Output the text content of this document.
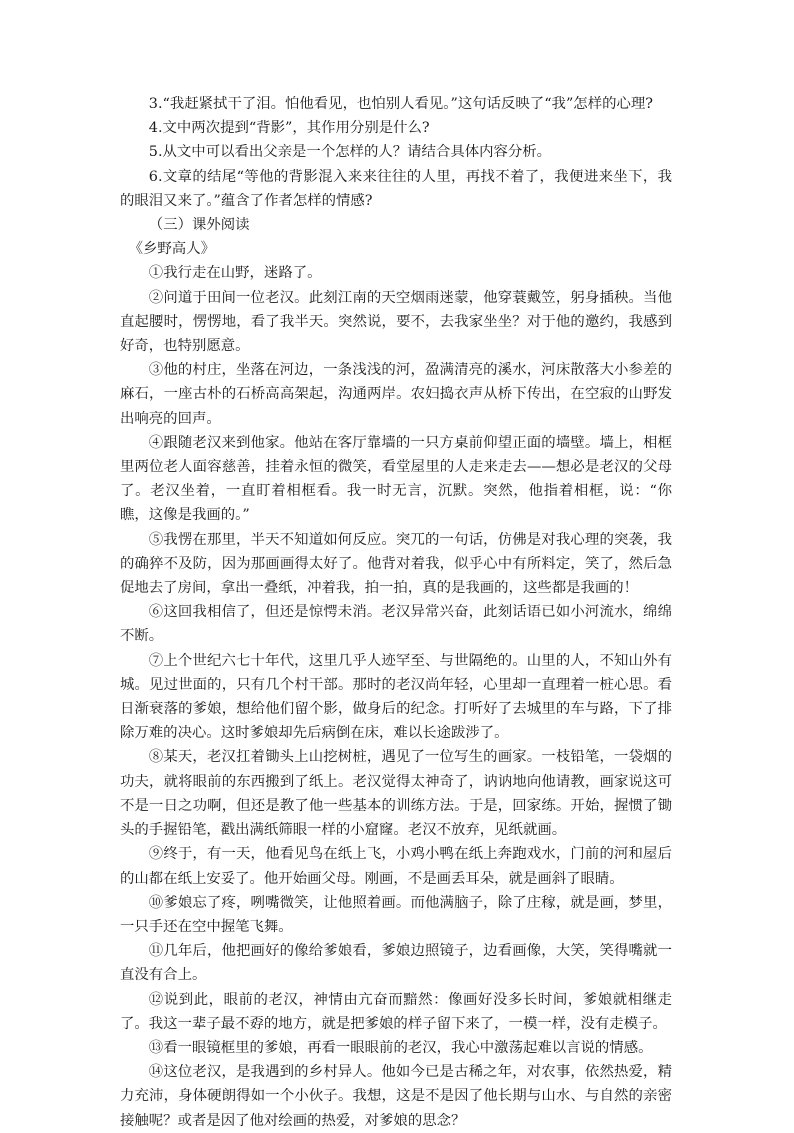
3.“我赶紧拭干了泪。怕他看见，也怕别人看见。”这句话反映了“我”怎样的心理?

4.文中两次提到“背影”，其作用分别是什么?

5.从文中可以看出父亲是一个怎样的人？请结合具体内容分析。

6.文章的结尾“等他的背影混入来来往往的人里，再找不着了，我便进来坐下，我的眼泪又来了。”蕴含了作者怎样的情感?

（三）课外阅读

《乡野高人》

①我行走在山野，迷路了。

②问道于田间一位老汉。此刻江南的天空烟雨迷蒙，他穿蓑戴笠，躬身插秧。当他直起腰时，愣愣地，看了我半天。突然说，要不，去我家坐坐？对于他的邀约，我感到好奇，也特别愿意。

③他的村庄，坐落在河边，一条浅浅的河，盈满清亮的溪水，河床散落大小参差的麻石，一座古朴的石桥高高架起，沟通两岸。农妇捣衣声从桥下传出，在空寂的山野发出响亮的回声。

④跟随老汉来到他家。他站在客厅靠墙的一只方桌前仰望正面的墙壁。墙上，相框里两位老人面容慈善，挂着永恒的微笑，看堂屋里的人走来走去——想必是老汉的父母了。老汉坐着，一直盯着相框看。我一时无言，沉默。突然，他指着相框，说：“你瞧，这像是我画的。”

⑤我愣在那里，半天不知道如何反应。突兀的一句话，仿佛是对我心理的突袭，我的确猝不及防，因为那画画得太好了。他背对着我，似乎心中有所料定，笑了，然后急促地去了房间，拿出一叠纸，冲着我，拍一拍，真的是我画的，这些都是我画的！

⑥这回我相信了，但还是惊愕未消。老汉异常兴奋，此刻话语已如小河流水，绵绵不断。

⑦上个世纪六七十年代，这里几乎人迹罕至、与世隔绝的。山里的人，不知山外有城。见过世面的，只有几个村干部。那时的老汉尚年轻，心里却一直理着一桩心思。看日渐衰落的爹娘，想给他们留个影，做身后的纪念。打听好了去城里的车与路，下了排除万难的决心。这时爹娘却先后病倒在床，难以长途跋涉了。

⑧某天，老汉扛着锄头上山挖树桩，遇见了一位写生的画家。一枝铅笔，一袋烟的功夫，就将眼前的东西搬到了纸上。老汉觉得太神奇了，讷讷地向他请教，画家说这可不是一日之功啊，但还是教了他一些基本的训练方法。于是，回家练。开始，握惯了锄头的手握铅笔，戳出满纸筛眼一样的小窟窿。老汉不放弃，见纸就画。

⑨终于，有一天，他看见鸟在纸上飞，小鸡小鸭在纸上奔跑戏水，门前的河和屋后的山都在纸上安妥了。他开始画父母。刚画，不是画丢耳朵，就是画斜了眼睛。

⑩爹娘忘了疼，咧嘴微笑，让他照着画。而他满脑子，除了庄稼，就是画，梦里，一只手还在空中握笔飞舞。

⑪几年后，他把画好的像给爹娘看，爹娘边照镜子，边看画像，大笑，笑得嘴就一直没有合上。

⑫说到此，眼前的老汉，神情由亢奋而黯然：像画好没多长时间，爹娘就相继走了。我这一辈子最不孬的地方，就是把爹娘的样子留下来了，一模一样，没有走模子。

⑬看一眼镜框里的爹娘，再看一眼眼前的老汉，我心中激荡起难以言说的情感。

⑭这位老汉，是我遇到的乡村异人。他如今已是古稀之年，对农事，依然热爱，精力充沛，身体硬朗得如一个小伙子。我想，这是不是因了他长期与山水、与自然的亲密接触呢？或者是因了他对绘画的热爱，对爹娘的思念？
